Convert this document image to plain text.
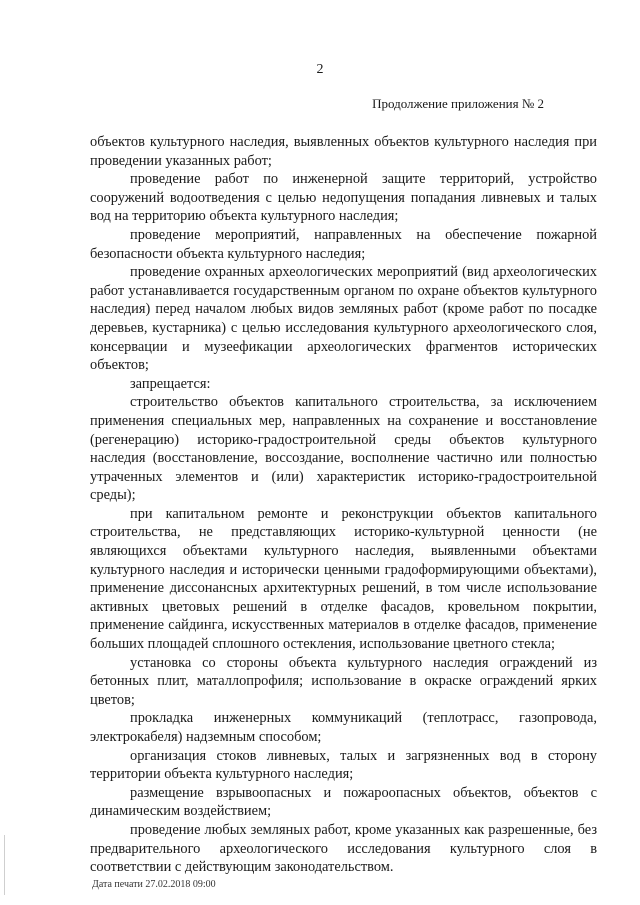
2
Продолжение приложения № 2

объектов культурного наследия, выявленных объектов культурного наследия при проведении указанных работ;

проведение работ по инженерной защите территорий, устройство сооружений водоотведения с целью недопущения попадания ливневых и талых вод на территорию объекта культурного наследия;

проведение мероприятий, направленных на обеспечение пожарной безопасности объекта культурного наследия;

проведение охранных археологических мероприятий (вид археологических работ устанавливается государственным органом по охране объектов культурного наследия) перед началом любых видов земляных работ (кроме работ по посадке деревьев, кустарника) с целью исследования культурного археологического слоя, консервации и музеефикации археологических фрагментов исторических объектов;

запрещается:

строительство объектов капитального строительства, за исключением применения специальных мер, направленных на сохранение и восстановление (регенерацию) историко-градостроительной среды объектов культурного наследия (восстановление, воссоздание, восполнение частично или полностью утраченных элементов и (или) характеристик историко-градостроительной среды);

при капитальном ремонте и реконструкции объектов капитального строительства, не представляющих историко-культурной ценности (не являющихся объектами культурного наследия, выявленными объектами культурного наследия и исторически ценными градоформирующими объектами), применение диссонансных архитектурных решений, в том числе использование активных цветовых решений в отделке фасадов, кровельном покрытии, применение сайдинга, искусственных материалов в отделке фасадов, применение больших площадей сплошного остекления, использование цветного стекла;

установка со стороны объекта культурного наследия ограждений из бетонных плит, маталлопрофиля; использование в окраске ограждений ярких цветов;

прокладка инженерных коммуникаций (теплотрасс, газопровода, электрокабеля) надземным способом;

организация стоков ливневых, талых и загрязненных вод в сторону территории объекта культурного наследия;

размещение взрывоопасных и пожароопасных объектов, объектов с динамическим воздействием;

проведение любых земляных работ, кроме указанных как разрешенные, без предварительного археологического исследования культурного слоя в соответствии с действующим законодательством.

Дата печати 27.02.2018 09:00
